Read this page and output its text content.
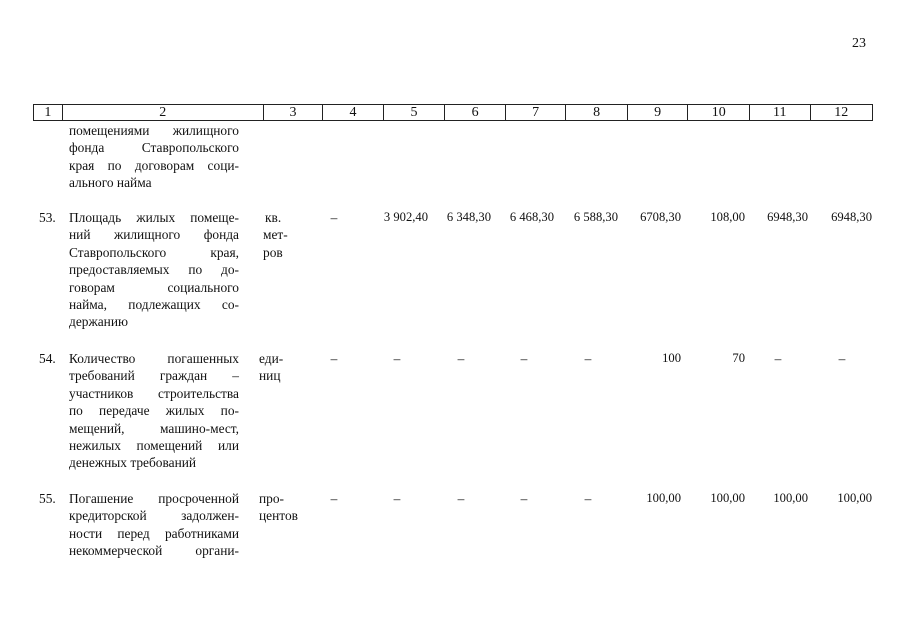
23
1	2	3	4	5	6	7	8	9	10	11	12
помещениями жилищного
фонда Ставропольского
края по договорам соци-
ального найма
53. Площадь жилых помеще-
ний жилищного фонда
Ставропольского края,
предоставляемых по до-
говорам социального
найма, подлежащих со-
держанию
кв.
мет-
ров
–	3 902,40	6 348,30	6 468,30	6 588,30	6708,30	108,00	6948,30	6948,30
54. Количество погашенных
требований граждан –
участников строительства
по передаче жилых по-
мещений, машино-мест,
нежилых помещений или
денежных требований
еди-
ниц
–	–	–	–	–	100	70	–	–
55. Погашение просроченной
кредиторской задолжен-
ности перед работниками
некоммерческой органи-
про-
центов
–	–	–	–	–	100,00	100,00	100,00	100,00
